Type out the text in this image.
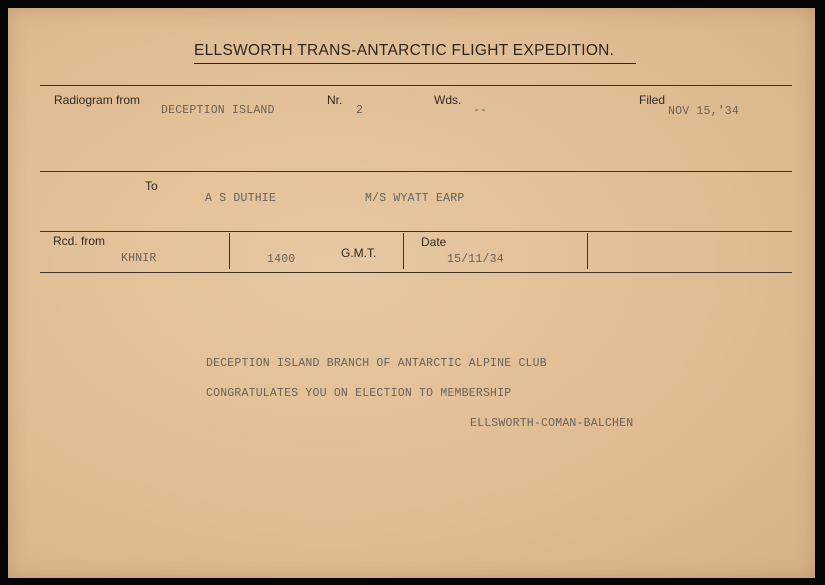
ELLSWORTH TRANS-ANTARCTIC FLIGHT EXPEDITION.
Radiogram from
DECEPTION ISLAND
Nr.
2
Wds.
--
Filed
NOV 15,'34
To
A S DUTHIE	M/S WYATT EARP
Rcd. from
KHNIR	1400	G.M.T.
Date
15/11/34
DECEPTION ISLAND BRANCH OF ANTARCTIC ALPINE CLUB
CONGRATULATES YOU ON ELECTION TO MEMBERSHIP
ELLSWORTH-COMAN-BALCHEN
